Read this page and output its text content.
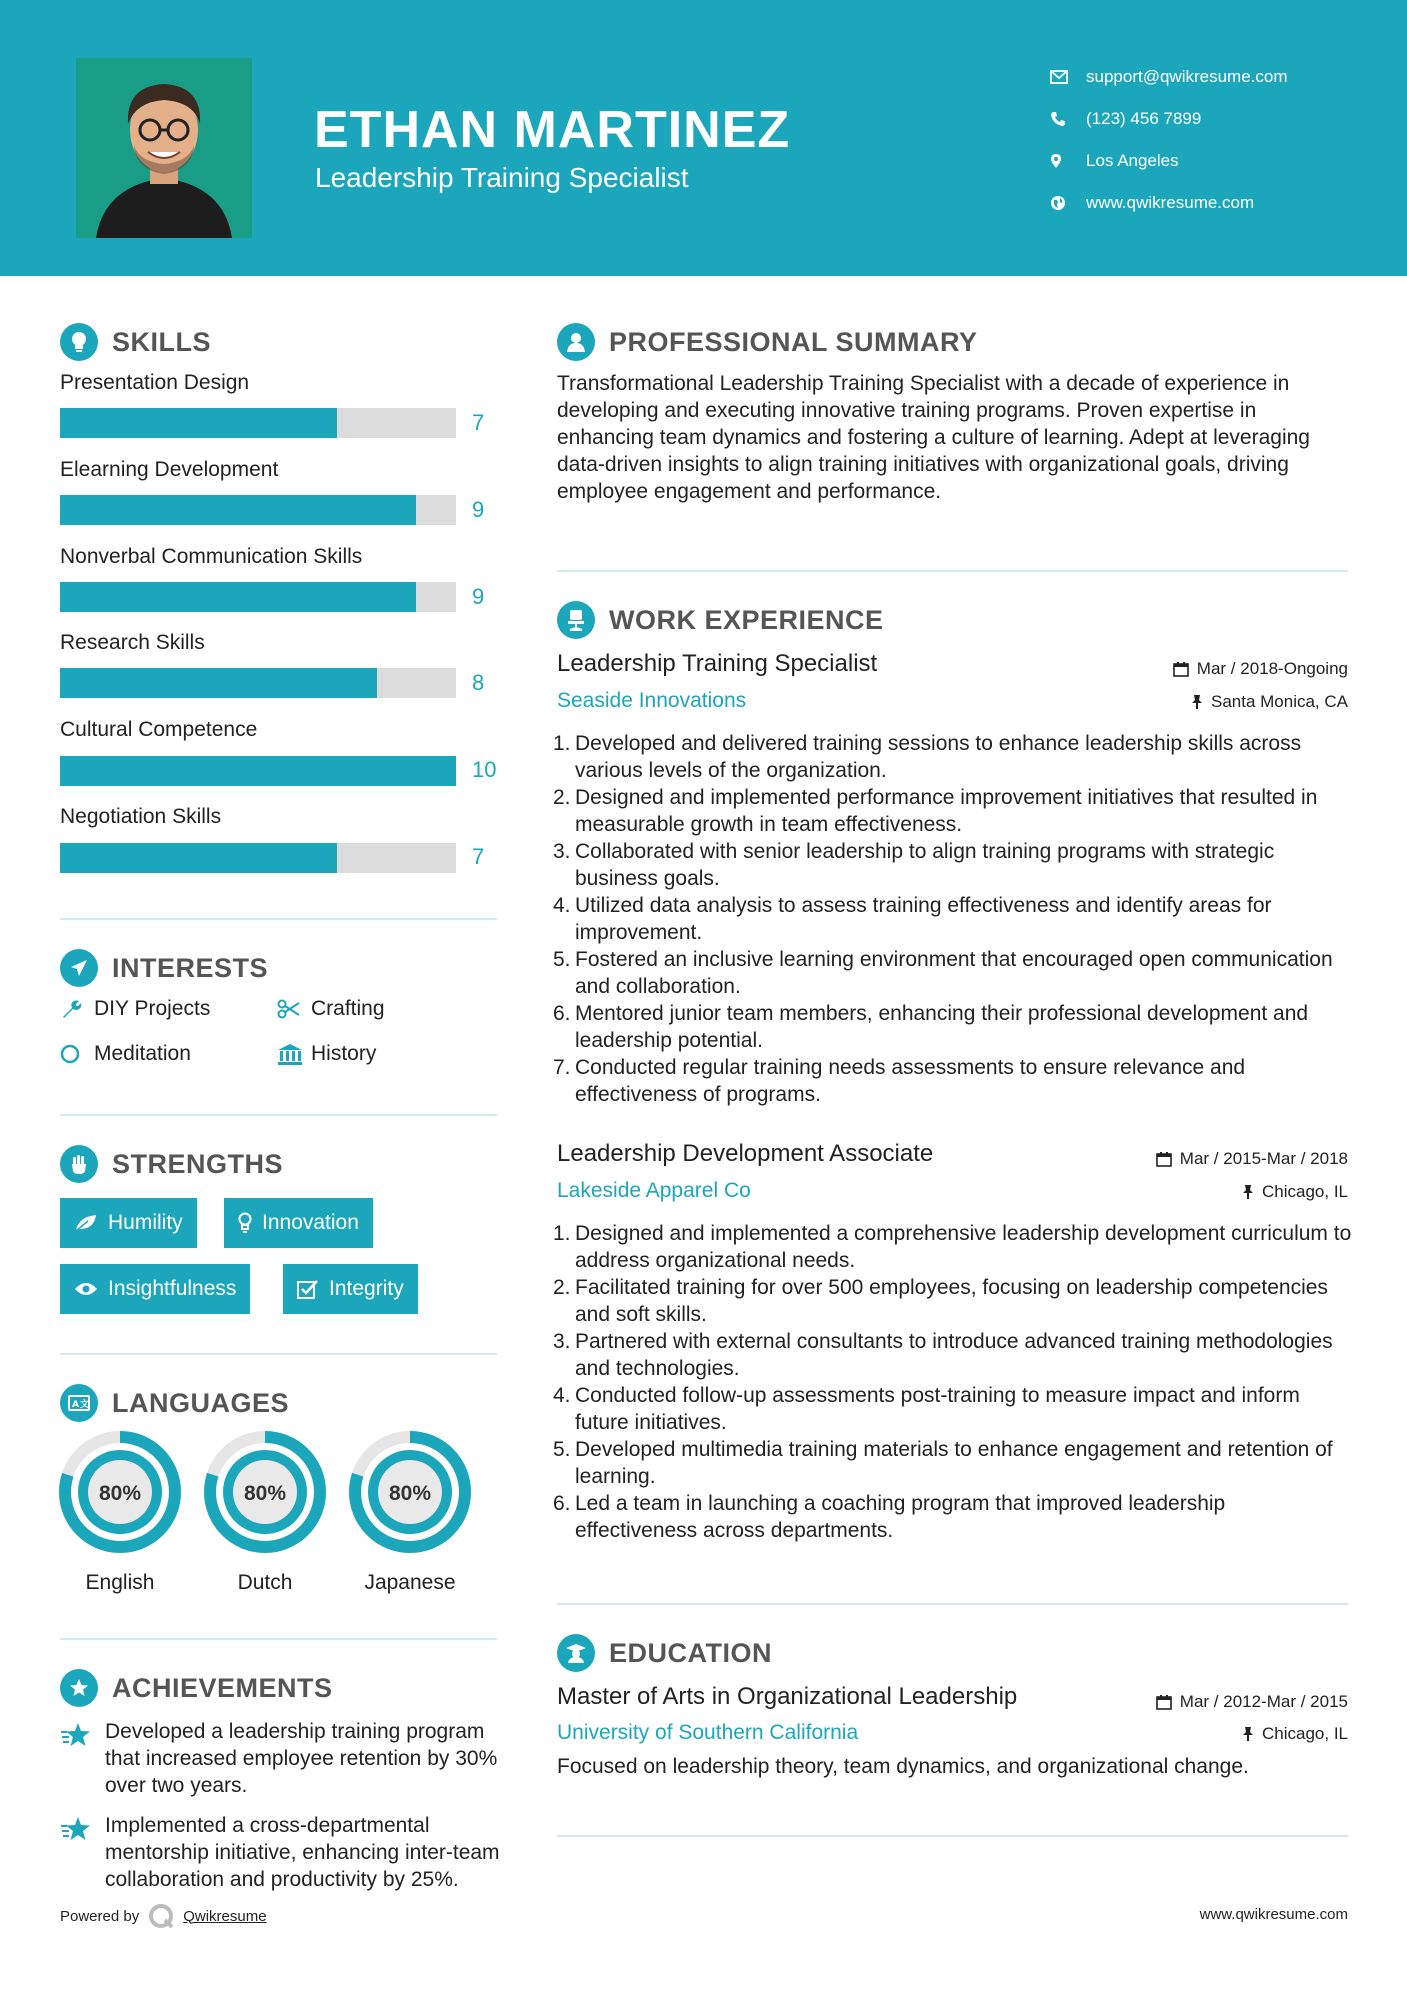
ETHAN MARTINEZ
Leadership Training Specialist
support@qwikresume.com
(123) 456 7899
Los Angeles
www.qwikresume.com
SKILLS
Presentation Design
7
Elearning Development
9
Nonverbal Communication Skills
9
Research Skills
8
Cultural Competence
10
Negotiation Skills
7
INTERESTS
DIY Projects	Crafting
Meditation	History
STRENGTHS
Humility	Innovation
Insightfulness	Integrity
A 文 LANGUAGES
80%
English
80%
Dutch
80%
Japanese
ACHIEVEMENTS
Developed a leadership training program that increased employee retention by 30% over two years.
Implemented a cross-departmental mentorship initiative, enhancing inter-team collaboration and productivity by 25%.
PROFESSIONAL SUMMARY
Transformational Leadership Training Specialist with a decade of experience in developing and executing innovative training programs. Proven expertise in enhancing team dynamics and fostering a culture of learning. Adept at leveraging data-driven insights to align training initiatives with organizational goals, driving employee engagement and performance.
WORK EXPERIENCE
Leadership Training Specialist	Mar / 2018-Ongoing
Seaside Innovations	Santa Monica, CA
1. Developed and delivered training sessions to enhance leadership skills across various levels of the organization.
2. Designed and implemented performance improvement initiatives that resulted in measurable growth in team effectiveness.
3. Collaborated with senior leadership to align training programs with strategic business goals.
4. Utilized data analysis to assess training effectiveness and identify areas for improvement.
5. Fostered an inclusive learning environment that encouraged open communication and collaboration.
6. Mentored junior team members, enhancing their professional development and leadership potential.
7. Conducted regular training needs assessments to ensure relevance and effectiveness of programs.
Leadership Development Associate	Mar / 2015-Mar / 2018
Lakeside Apparel Co	Chicago, IL
1. Designed and implemented a comprehensive leadership development curriculum to address organizational needs.
2. Facilitated training for over 500 employees, focusing on leadership competencies and soft skills.
3. Partnered with external consultants to introduce advanced training methodologies and technologies.
4. Conducted follow-up assessments post-training to measure impact and inform future initiatives.
5. Developed multimedia training materials to enhance engagement and retention of learning.
6. Led a team in launching a coaching program that improved leadership effectiveness across departments.
EDUCATION
Master of Arts in Organizational Leadership	Mar / 2012-Mar / 2015
University of Southern California	Chicago, IL
Focused on leadership theory, team dynamics, and organizational change.
Powered by	Qwikresume	www.qwikresume.com
